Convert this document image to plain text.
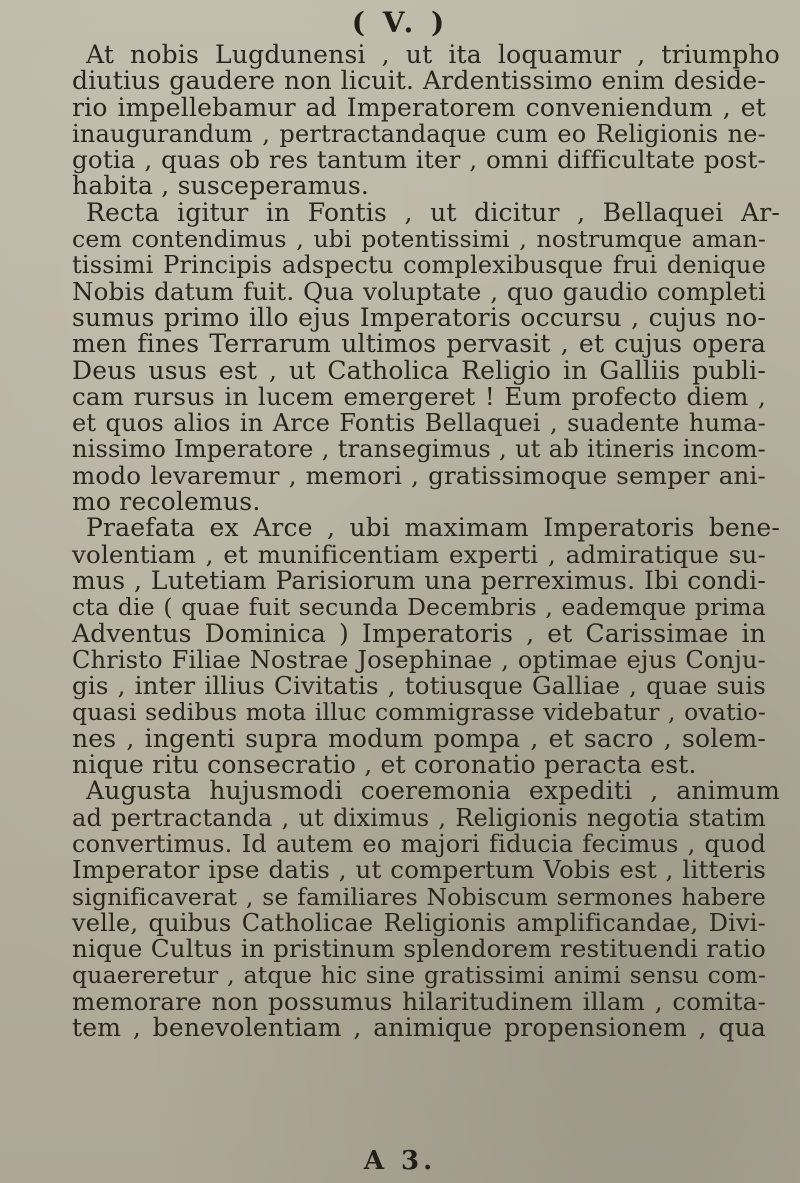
( V. )
At nobis Lugdunensi , ut ita loquamur , triumpho
diutius gaudere non licuit. Ardentissimo enim deside-
rio impellebamur ad Imperatorem conveniendum , et
inaugurandum , pertractandaque cum eo Religionis ne-
gotia , quas ob res tantum iter , omni difficultate post-
habita , susceperamus.
Recta igitur in Fontis , ut dicitur , Bellaquei Ar-
cem contendimus , ubi potentissimi , nostrumque aman-
tissimi Principis adspectu complexibusque frui denique
Nobis datum fuit. Qua voluptate , quo gaudio completi
sumus primo illo ejus Imperatoris occursu , cujus no-
men fines Terrarum ultimos pervasit , et cujus opera
Deus usus est , ut Catholica Religio in Galliis publi-
cam rursus in lucem emergeret ! Eum profecto diem ,
et quos alios in Arce Fontis Bellaquei , suadente huma-
nissimo Imperatore , transegimus , ut ab itineris incom-
modo levaremur , memori , gratissimoque semper ani-
mo recolemus.
Praefata ex Arce , ubi maximam Imperatoris bene-
volentiam , et munificentiam experti , admiratique su-
mus , Lutetiam Parisiorum una perreximus. Ibi condi-
cta die ( quae fuit secunda Decembris , eademque prima
Adventus Dominica ) Imperatoris , et Carissimae in
Christo Filiae Nostrae Josephinae , optimae ejus Conju-
gis , inter illius Civitatis , totiusque Galliae , quae suis
quasi sedibus mota illuc commigrasse videbatur , ovatio-
nes , ingenti supra modum pompa , et sacro , solem-
nique ritu consecratio , et coronatio peracta est.
Augusta hujusmodi coeremonia expediti , animum
ad pertractanda , ut diximus , Religionis negotia statim
convertimus. Id autem eo majori fiducia fecimus , quod
Imperator ipse datis , ut compertum Vobis est , litteris
significaverat , se familiares Nobiscum sermones habere
velle, quibus Catholicae Religionis amplificandae, Divi-
nique Cultus in pristinum splendorem restituendi ratio
quaereretur , atque hic sine gratissimi animi sensu com-
memorare non possumus hilaritudinem illam , comita-
tem , benevolentiam , animique propensionem , qua
A 3.
